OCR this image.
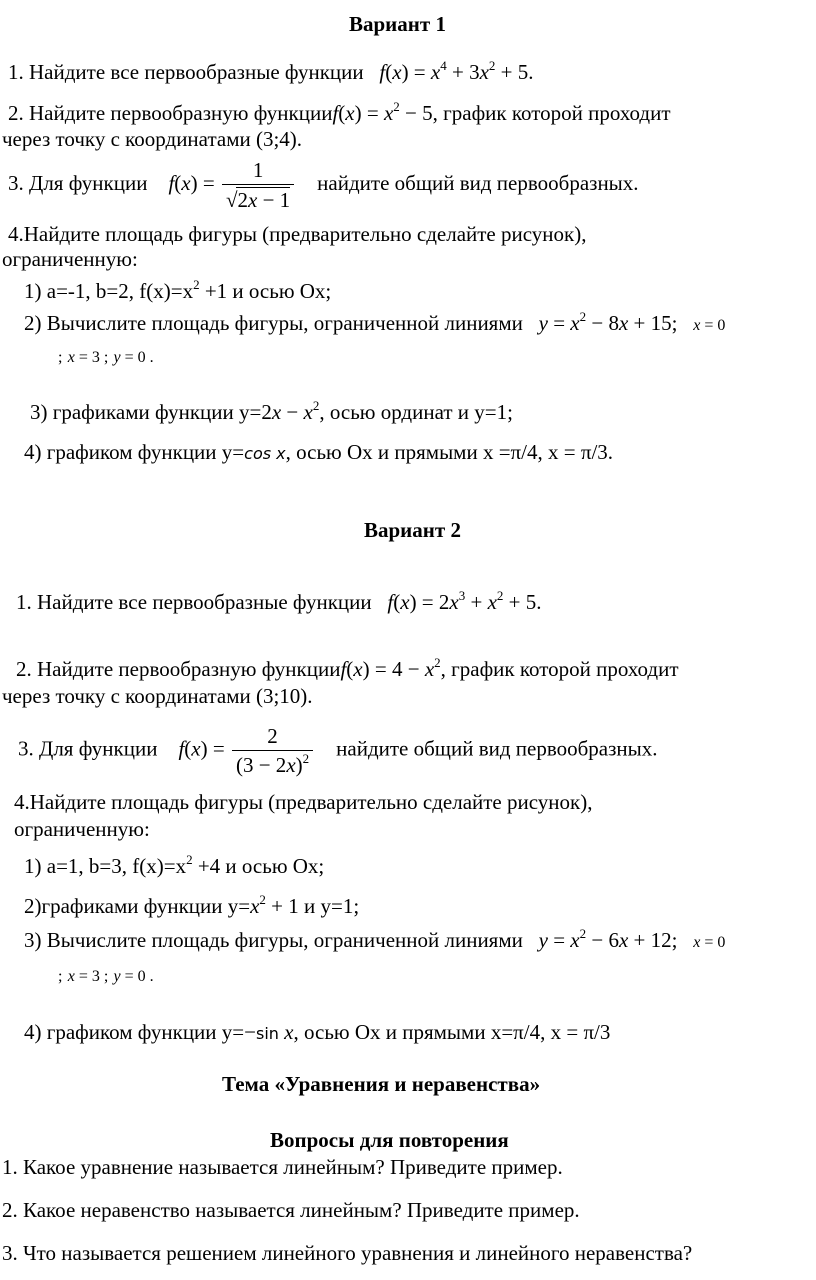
Вариант 1
1. Найдите все первообразные функции $f(x) = x^4 + 3x^2 + 5$.
2. Найдите первообразную функцииf(x) = $x^2 - 5$, график которой проходит
через точку с координатами (3;4).
3. Для функции $f(x) = \frac{1}{√2x - 1}$ найдите общий вид первообразных.
4.Найдите площадь фигуры (предварительно сделайте рисунок),
ограниченную:
1) a=-1, b=2, $f(x)=x^2 +1$ и осью Ox;
2) Вычислите площадь фигуры, ограниченной линиями $y = x^2 - 8x + 15$; x = 0
; x = 3 ; y = 0 .
3) графиками функции $y=2x - x^2$, осью ординат и y=1;
4) графиком функции y=cos x, осью Ox и прямыми x =π/4, x = π/3.
Вариант 2
1. Найдите все первообразные функции $f(x) = 2x^3 + x^2 + 5$.
2. Найдите первообразную функцииf(x) = $4 - x^2$, график которой проходит
через точку с координатами (3;10).
3. Для функции $f(x) = \frac{2}{(3 - 2x)^2}$ найдите общий вид первообразных.
4.Найдите площадь фигуры (предварительно сделайте рисунок),
ограниченную:
1) a=1, b=3, $f(x)=x^2 +4$ и осью Ox;
2)графиками функции $y=x^2 + 1$ и y=1;
3) Вычислите площадь фигуры, ограниченной линиями $y = x^2 - 6x + 12$; x = 0
; x = 3 ; y = 0 .
4) графиком функции y=−sin x, осью Ox и прямыми x=π/4, x = π/3
Тема «Уравнения и неравенства»
Вопросы для повторения
1. Какое уравнение называется линейным? Приведите пример.
2. Какое неравенство называется линейным? Приведите пример.
3. Что называется решением линейного уравнения и линейного неравенства?
